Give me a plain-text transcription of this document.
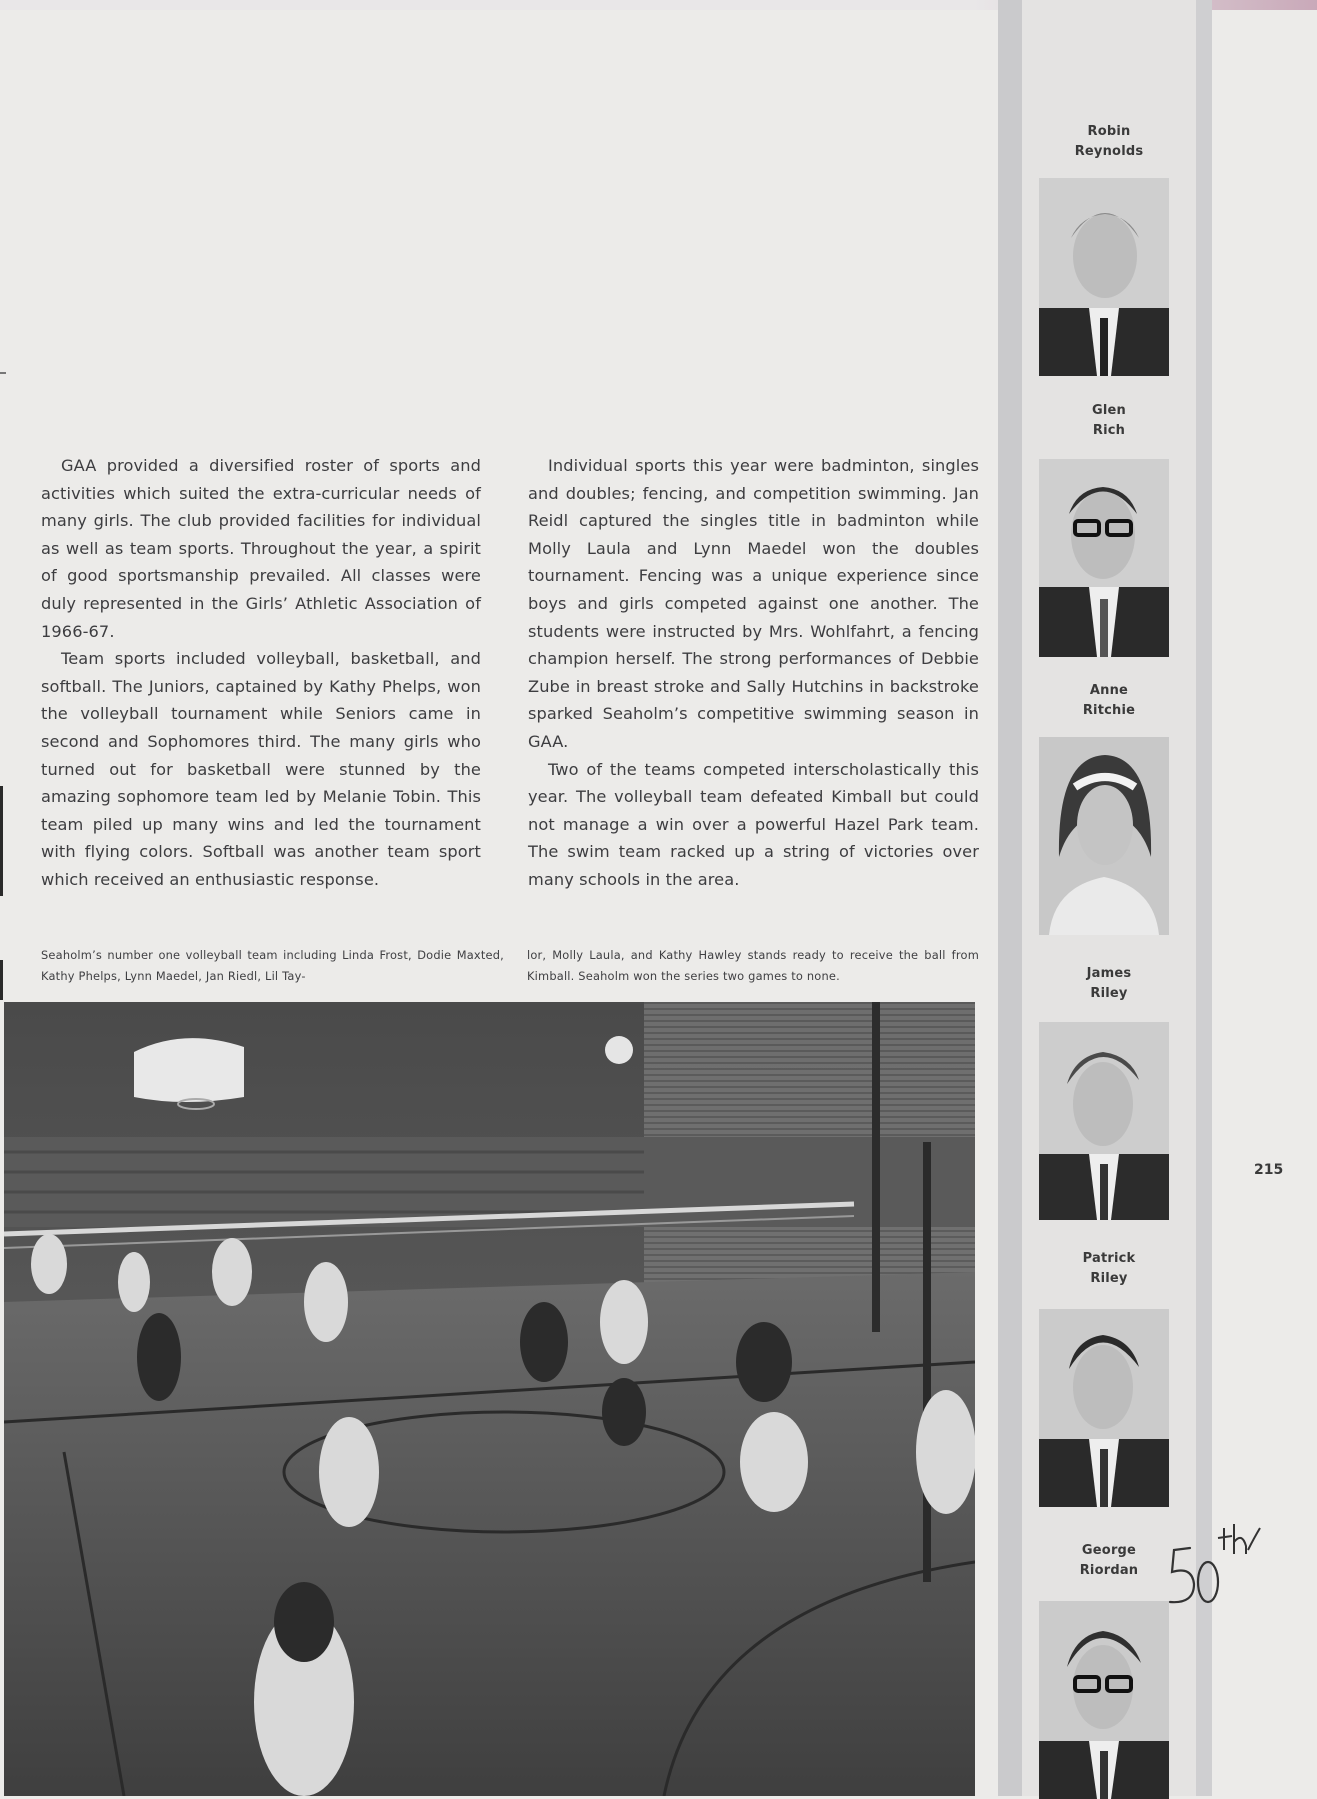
GAA provided a diversified roster of sports and activities which suited the extra-curricular needs of many girls. The club provided facilities for individual as well as team sports. Throughout the year, a spirit of good sportsmanship prevailed. All classes were duly represented in the Girls’ Athletic Association of 1966-67.

Team sports included volleyball, basketball, and softball. The Juniors, captained by Kathy Phelps, won the volleyball tournament while Seniors came in second and Sophomores third. The many girls who turned out for basketball were stunned by the amazing sophomore team led by Melanie Tobin. This team piled up many wins and led the tournament with flying colors. Softball was another team sport which received an enthusiastic response.

Individual sports this year were badminton, singles and doubles; fencing, and competition swimming. Jan Reidl captured the singles title in badminton while Molly Laula and Lynn Maedel won the doubles tournament. Fencing was a unique experience since boys and girls competed against one another. The students were instructed by Mrs. Wohlfahrt, a fencing champion herself. The strong performances of Debbie Zube in breast stroke and Sally Hutchins in backstroke sparked Seaholm’s competitive swimming season in GAA.

Two of the teams competed interscholastically this year. The volleyball team defeated Kimball but could not manage a win over a powerful Hazel Park team. The swim team racked up a string of victories over many schools in the area.

Seaholm’s number one volleyball team including Linda Frost, Dodie Maxted, Kathy Phelps, Lynn Maedel, Jan Riedl, Lil Tay-
lor, Molly Laula, and Kathy Hawley stands ready to receive the ball from Kimball. Seaholm won the series two games to none.
Robin
Reynolds
Glen
Rich
Anne
Ritchie
James
Riley
Patrick
Riley
George
Riordan
215
